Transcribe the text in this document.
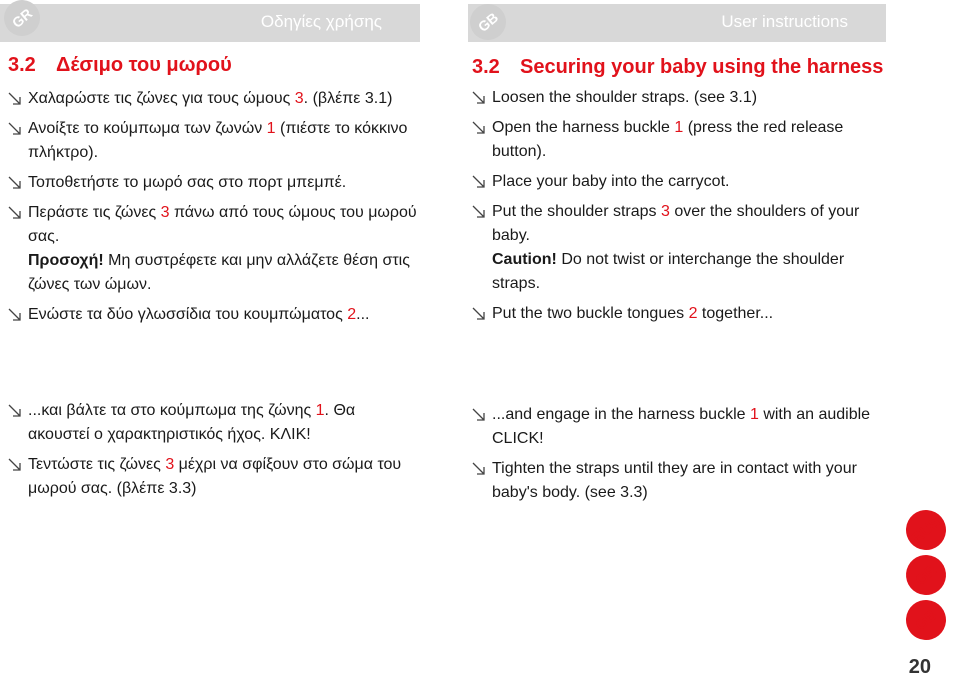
Οδηγίες χρήσης
GR	User instructions
GB
3.2	Δέσιμο του μωρού
Χαλαρώστε τις ζώνες για τους ώμους 3. (βλέπε 3.1)
Ανοίξτε το κούμπωμα των ζωνών 1 (πιέστε το κόκκινο πλήκτρο).
Τοποθετήστε το μωρό σας στο πορτ μπεμπέ.
Περάστε τις ζώνες 3 πάνω από τους ώμους του μωρού σας.
Προσοχή! Μη συστρέφετε και μην αλλάζετε θέση στις ζώνες των ώμων.
Ενώστε τα δύο γλωσσίδια του κουμπώματος 2...
3.2	Securing your baby using the harness
Loosen the shoulder straps. (see 3.1)
Open the harness buckle 1 (press the red release button).
Place your baby into the carrycot.
Put the shoulder straps 3 over the shoulders of your baby.
Caution! Do not twist or interchange the shoulder straps.
Put the two buckle tongues 2 together...
...και βάλτε τα στο κούμπωμα της ζώνης 1. Θα ακουστεί ο χαρακτηριστικός ήχος. ΚΛΙΚ!
Τεντώστε τις ζώνες 3 μέχρι να σφίξουν στο σώμα του μωρού σας. (βλέπε 3.3)
...and engage in the harness buckle 1 with an audible CLICK!
Tighten the straps until they are in contact with your baby's body. (see 3.3)
RUS
GR
GB
20
